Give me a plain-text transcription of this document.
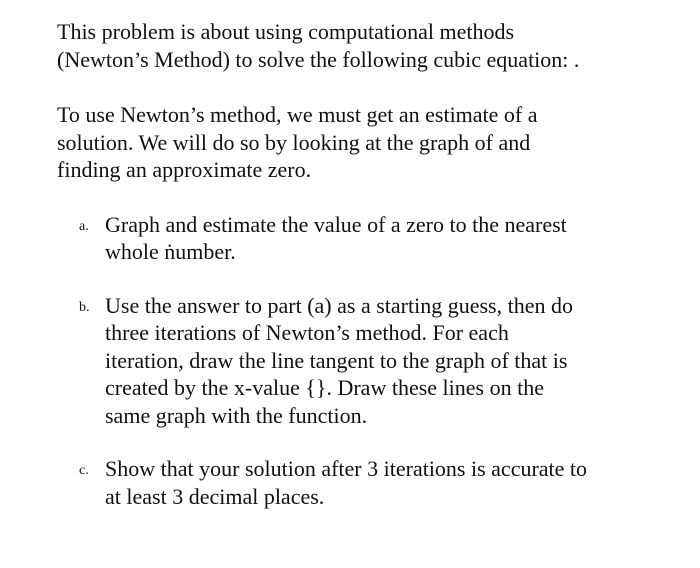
This problem is about using computational methods
(Newton’s Method) to solve the following cubic equation: .

To use Newton’s method, we must get an estimate of a
solution. We will do so by looking at the graph of and
finding an approximate zero.

a. Graph and estimate the value of a zero to the nearest
whole ṅumber.
b. Use the answer to part (a) as a starting guess, then do
three iterations of Newton’s method. For each
iteration, draw the line tangent to the graph of that is
created by the x-value {}. Draw these lines on the
same graph with the function.
c. Show that your solution after 3 iterations is accurate to
at least 3 decimal places.
